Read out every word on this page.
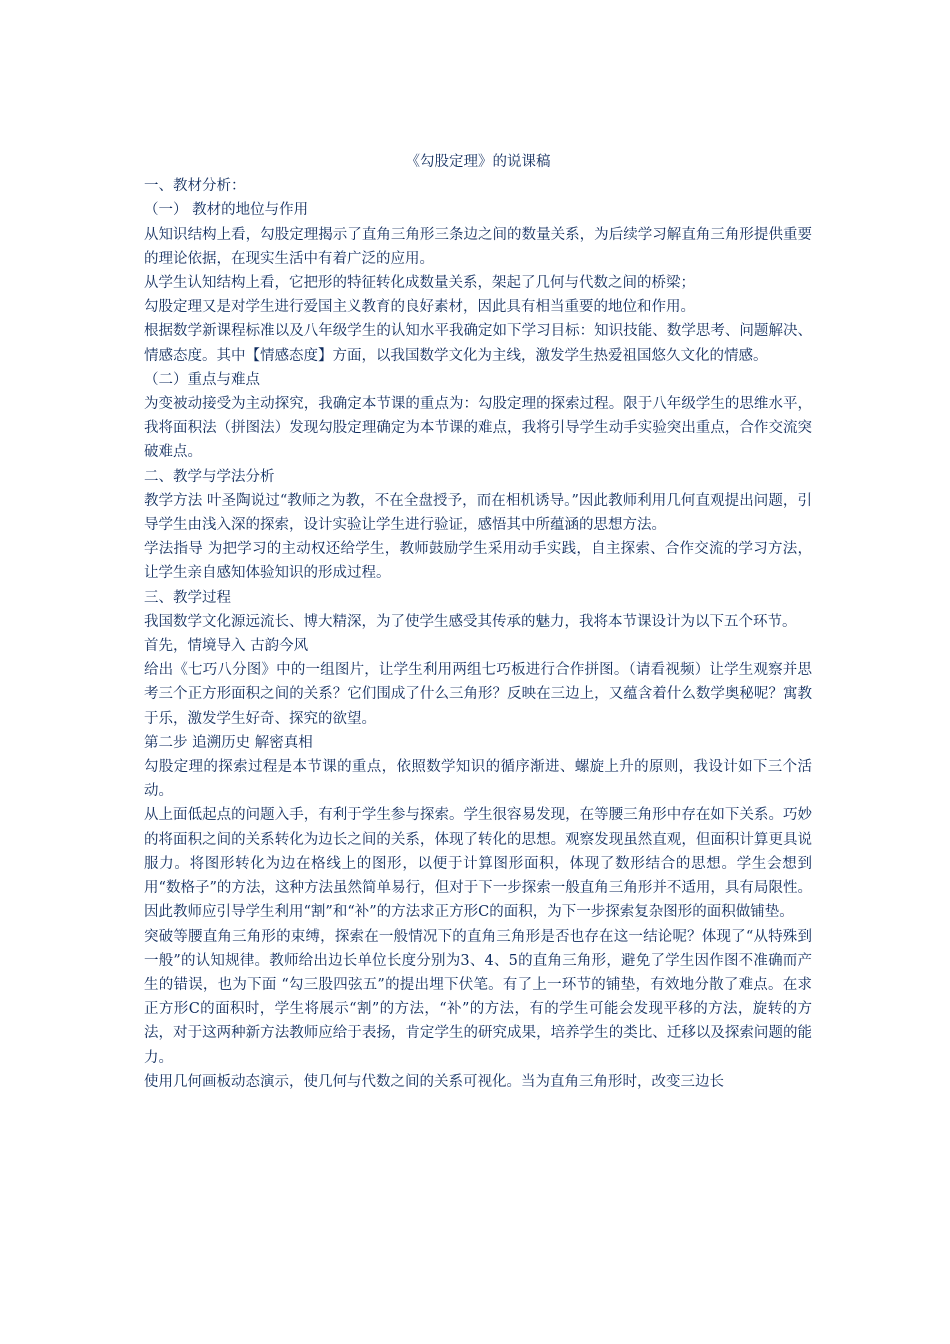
《勾股定理》的说课稿

一、教材分析：

（一） 教材的地位与作用

从知识结构上看，勾股定理揭示了直角三角形三条边之间的数量关系，为后续学习解直角三角形提供重要的理论依据，在现实生活中有着广泛的应用。

从学生认知结构上看，它把形的特征转化成数量关系，架起了几何与代数之间的桥梁；

勾股定理又是对学生进行爱国主义教育的良好素材，因此具有相当重要的地位和作用。

根据数学新课程标准以及八年级学生的认知水平我确定如下学习目标：知识技能、数学思考、问题解决、情感态度。其中【情感态度】方面，以我国数学文化为主线，激发学生热爱祖国悠久文化的情感。

（二）重点与难点

为变被动接受为主动探究，我确定本节课的重点为：勾股定理的探索过程。限于八年级学生的思维水平，我将面积法（拼图法）发现勾股定理确定为本节课的难点，我将引导学生动手实验突出重点，合作交流突破难点。

二、教学与学法分析

教学方法 叶圣陶说过“教师之为教，不在全盘授予，而在相机诱导。”因此教师利用几何直观提出问题，引导学生由浅入深的探索，设计实验让学生进行验证，感悟其中所蕴涵的思想方法。

学法指导 为把学习的主动权还给学生，教师鼓励学生采用动手实践，自主探索、合作交流的学习方法，让学生亲自感知体验知识的形成过程。

三、教学过程

我国数学文化源远流长、博大精深，为了使学生感受其传承的魅力，我将本节课设计为以下五个环节。

首先，情境导入 古韵今风

给出《七巧八分图》中的一组图片，让学生利用两组七巧板进行合作拼图。（请看视频）让学生观察并思考三个正方形面积之间的关系？它们围成了什么三角形？反映在三边上，又蕴含着什么数学奥秘呢？寓教于乐，激发学生好奇、探究的欲望。

第二步 追溯历史 解密真相

勾股定理的探索过程是本节课的重点，依照数学知识的循序渐进、螺旋上升的原则，我设计如下三个活动。

从上面低起点的问题入手，有利于学生参与探索。学生很容易发现，在等腰三角形中存在如下关系。巧妙的将面积之间的关系转化为边长之间的关系，体现了转化的思想。观察发现虽然直观，但面积计算更具说服力。将图形转化为边在格线上的图形，以便于计算图形面积，体现了数形结合的思想。学生会想到用“数格子”的方法，这种方法虽然简单易行，但对于下一步探索一般直角三角形并不适用，具有局限性。因此教师应引导学生利用“割”和“补”的方法求正方形C的面积，为下一步探索复杂图形的面积做铺垫。

突破等腰直角三角形的束缚，探索在一般情况下的直角三角形是否也存在这一结论呢？体现了“从特殊到一般”的认知规律。教师给出边长单位长度分别为3、4、5的直角三角形，避免了学生因作图不准确而产生的错误，也为下面 “勾三股四弦五”的提出埋下伏笔。有了上一环节的铺垫，有效地分散了难点。在求正方形C的面积时，学生将展示“割”的方法，“补”的方法，有的学生可能会发现平移的方法，旋转的方法，对于这两种新方法教师应给于表扬，肯定学生的研究成果，培养学生的类比、迁移以及探索问题的能力。

使用几何画板动态演示，使几何与代数之间的关系可视化。当为直角三角形时，改变三边长
